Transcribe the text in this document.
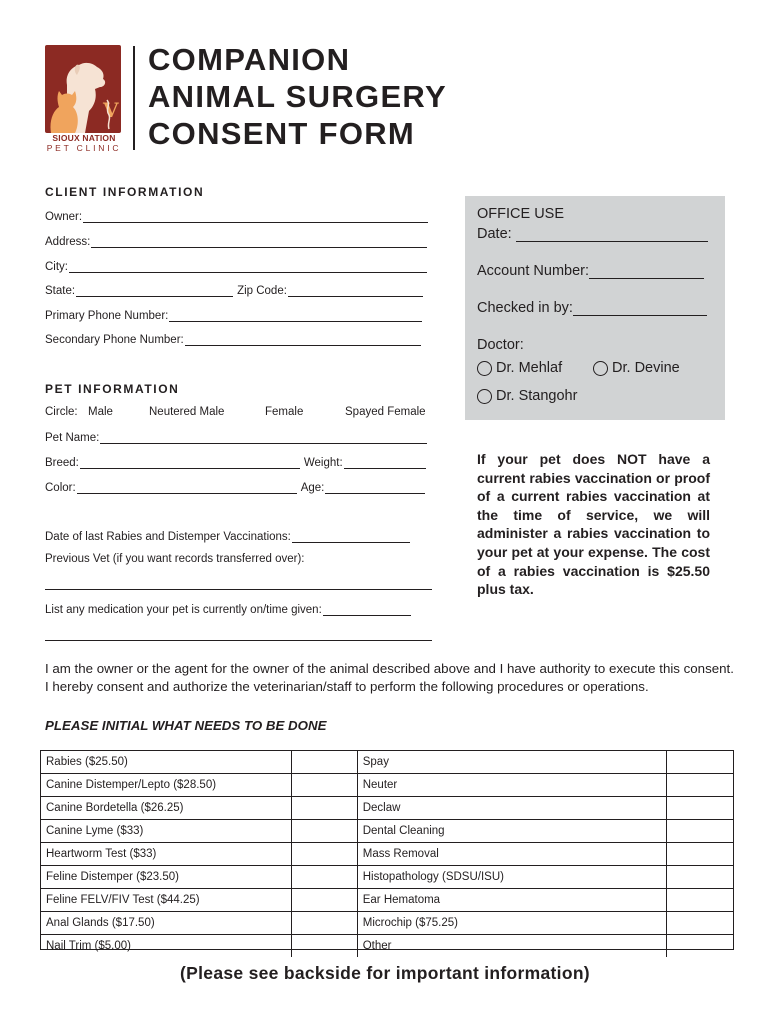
V
SIOUX NATION
PET CLINIC
COMPANION
ANIMAL SURGERY
CONSENT FORM
CLIENT INFORMATION
Owner:
Address:
City:
State:	Zip Code:
Primary Phone Number:
Secondary Phone Number:
PET INFORMATION
Circle: Male	Neutered Male	Female	Spayed Female
Pet Name:
Breed:	Weight:
Color:	Age:
Date of last Rabies and Distemper Vaccinations:
Previous Vet (if you want records transferred over):
List any medication your pet is currently on/time given:
OFFICE USE
Date:
Account Number:
Checked in by:
Doctor:
Dr. Mehlaf	Dr. Devine
Dr. Stangohr
If your pet does NOT have a current rabies vaccination or proof of a current rabies vaccination at the time of service, we will administer a rabies vaccination to your pet at your expense. The cost of a rabies vaccination is $25.50 plus tax.
I am the owner or the agent for the owner of the animal described above and I have authority to execute this consent. I hereby consent and authorize the veterinarian/staff to perform the following procedures or operations.
PLEASE INITIAL WHAT NEEDS TO BE DONE
Rabies ($25.50)		Spay	
Canine Distemper/Lepto ($28.50)		Neuter	
Canine Bordetella ($26.25)		Declaw	
Canine Lyme ($33)		Dental Cleaning	
Heartworm Test ($33)		Mass Removal	
Feline Distemper ($23.50)		Histopathology (SDSU/ISU)	
Feline FELV/FIV Test ($44.25)		Ear Hematoma	
Anal Glands ($17.50)		Microchip ($75.25)	
Nail Trim ($5.00)		Other	
(Please see backside for important information)
